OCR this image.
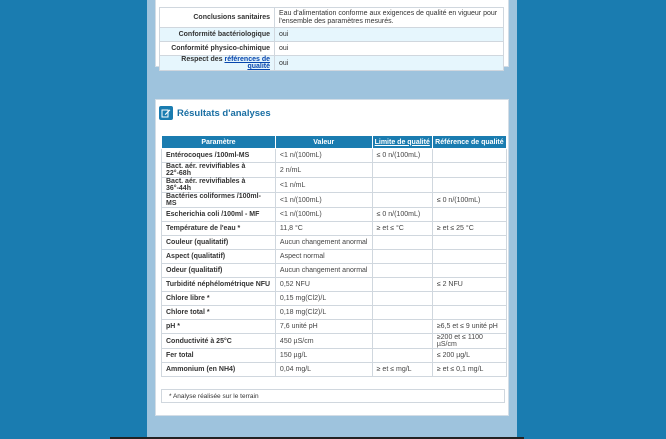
Conclusions sanitaires	Eau d'alimentation conforme aux exigences de qualité en vigueur pour l'ensemble des paramètres mesurés.
Conformité bactériologique	oui
Conformité physico-chimique	oui
Respect des références de qualité	oui
Résultats d'analyses
Paramètre	Valeur	Limite de qualité	Référence de qualité
Entérocoques /100ml-MS	<1 n/(100mL)	≤ 0 n/(100mL)	
Bact. aér. revivifiables à 22°-68h	2 n/mL		
Bact. aér. revivifiables à 36°-44h	<1 n/mL		
Bactéries coliformes /100ml-MS	<1 n/(100mL)		≤ 0 n/(100mL)
Escherichia coli /100ml - MF	<1 n/(100mL)	≤ 0 n/(100mL)	
Température de l'eau *	11,8 °C	≥ et ≤ °C	≥ et ≤ 25 °C
Couleur (qualitatif)	Aucun changement anormal		
Aspect (qualitatif)	Aspect normal		
Odeur (qualitatif)	Aucun changement anormal		
Turbidité néphélométrique NFU	0,52 NFU		≤ 2 NFU
Chlore libre *	0,15 mg(Cl2)/L		
Chlore total *	0,18 mg(Cl2)/L		
pH *	7,6 unité pH		≥6,5 et ≤ 9 unité pH
Conductivité à 25°C	450 µS/cm		≥200 et ≤ 1100 µS/cm
Fer total	150 µg/L		≤ 200 µg/L
Ammonium (en NH4)	0,04 mg/L	≥ et ≤ mg/L	≥ et ≤ 0,1 mg/L
* Analyse réalisée sur le terrain
